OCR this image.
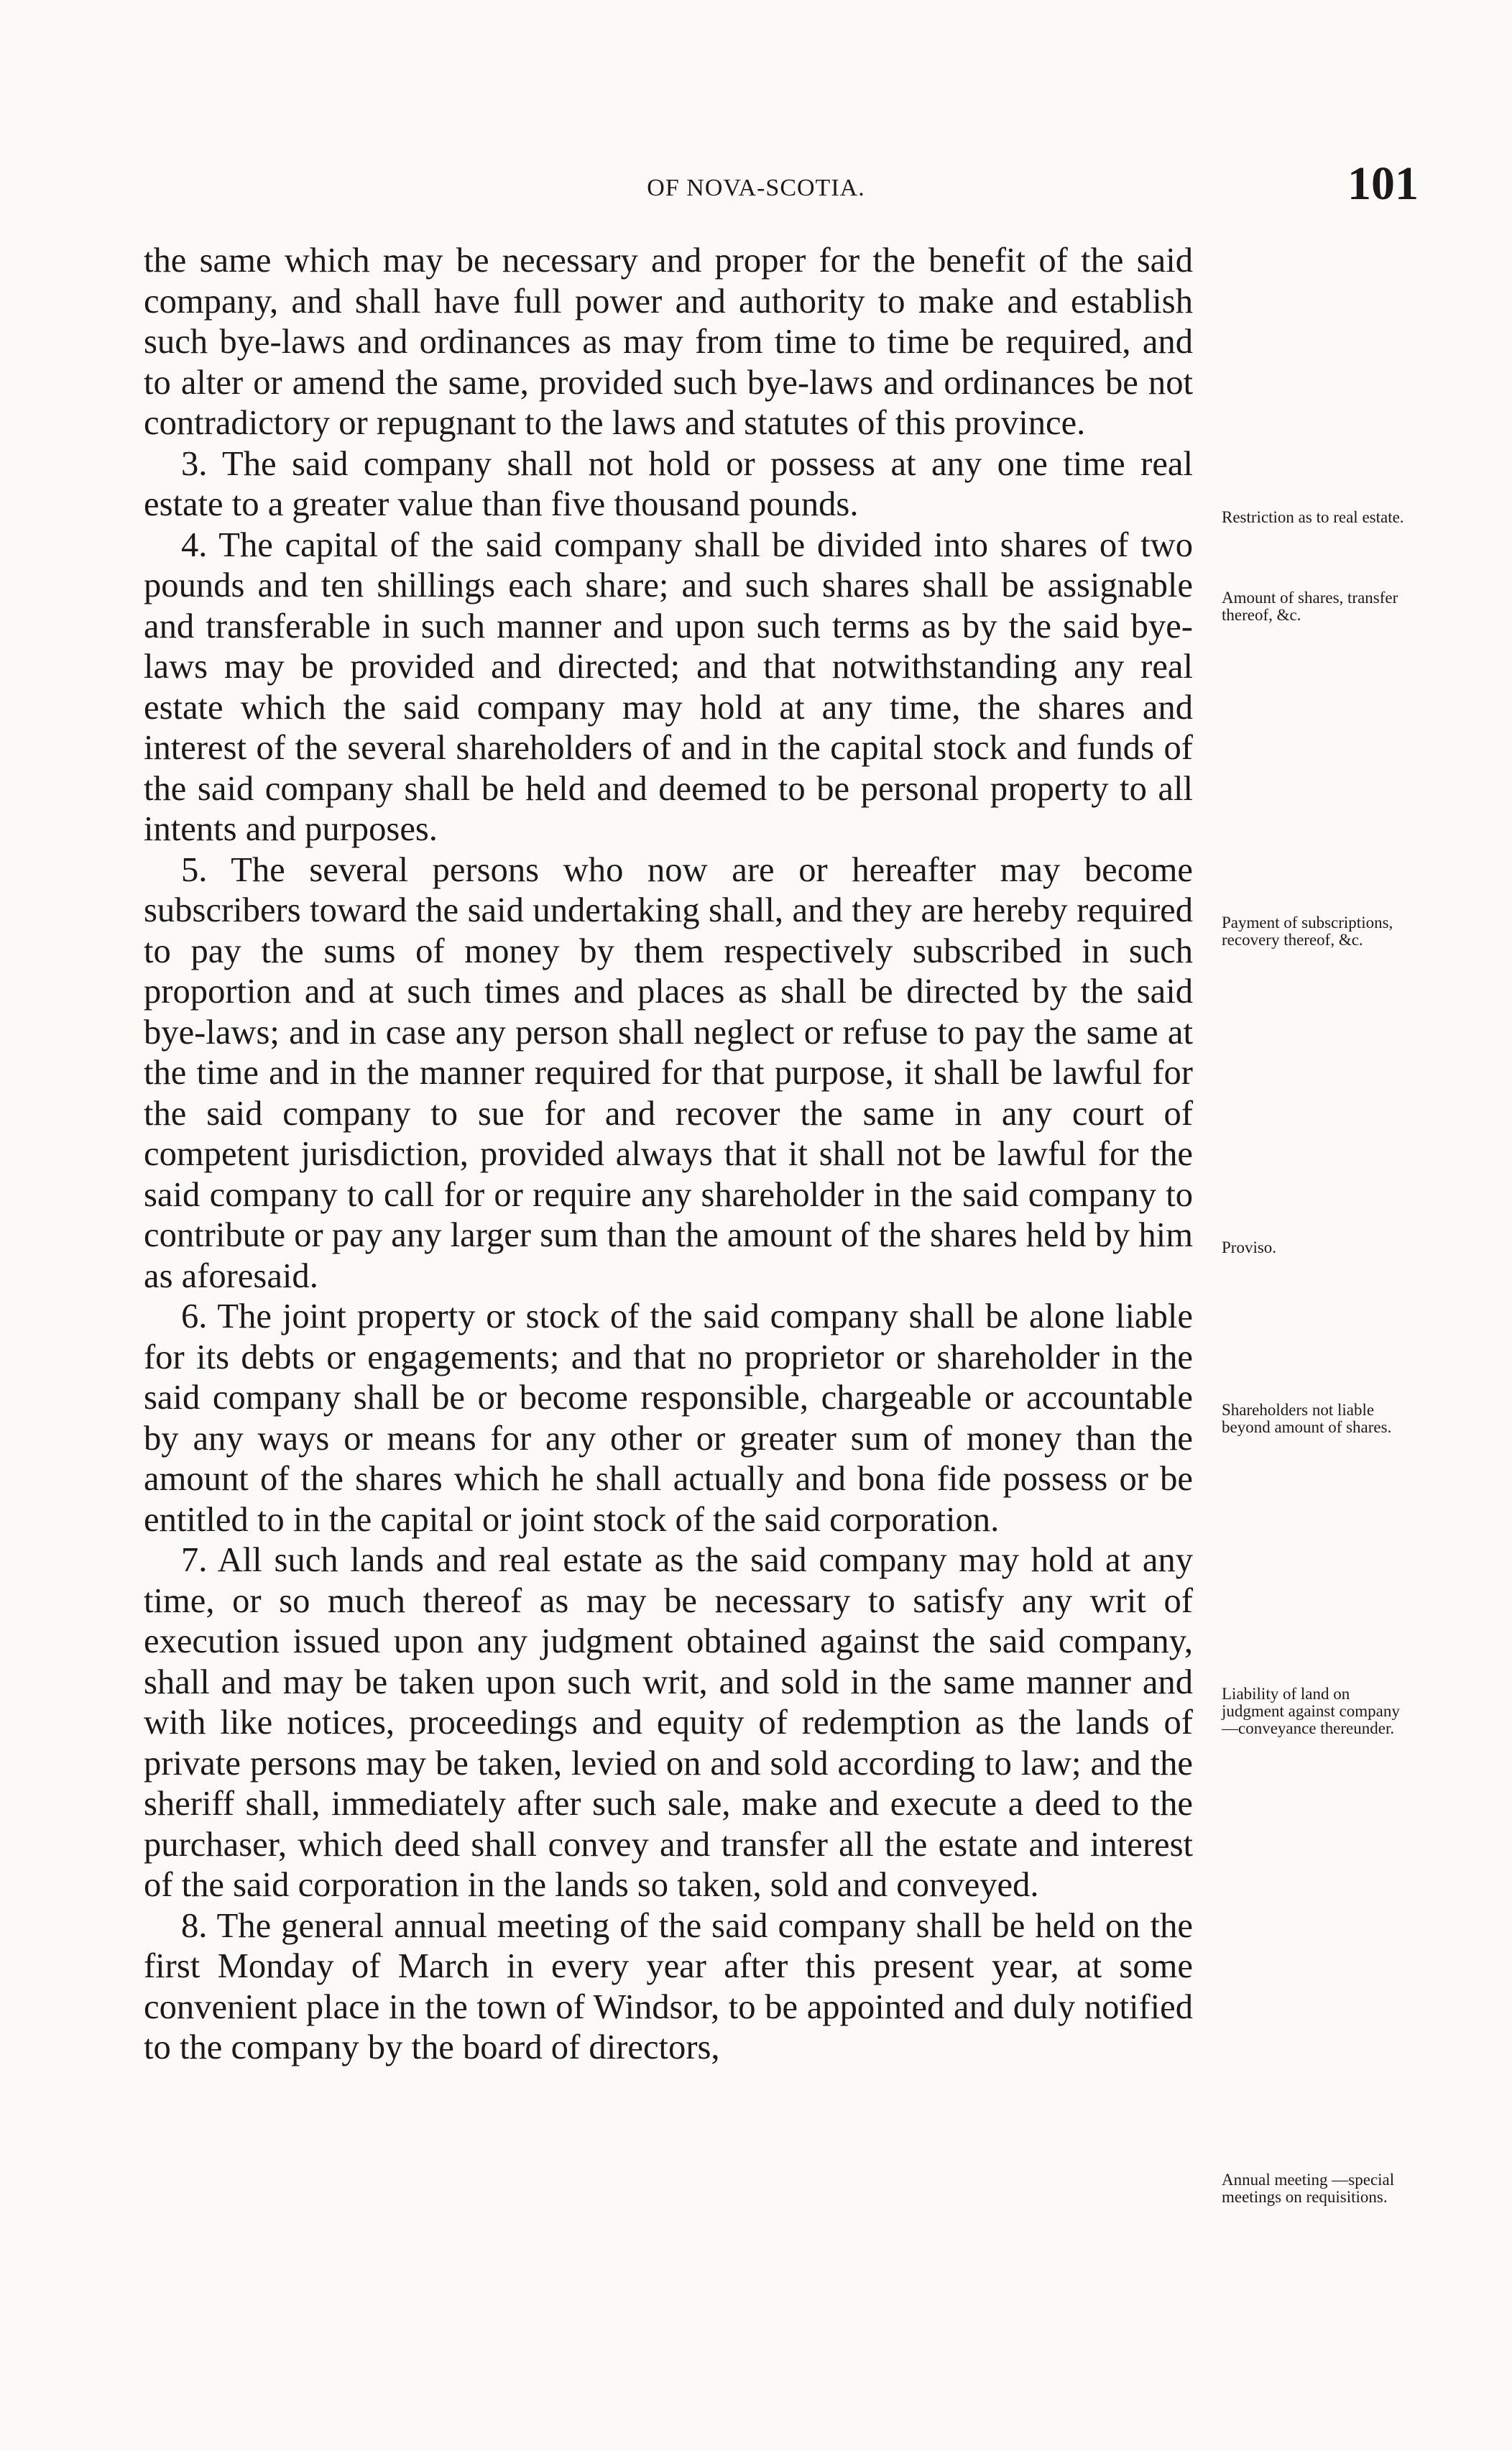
OF NOVA-SCOTIA.	101

the same which may be necessary and proper for the benefit of the said company, and shall have full power and authority to make and establish such bye-laws and ordinances as may from time to time be required, and to alter or amend the same, provided such bye-laws and ordinances be not contradictory or repugnant to the laws and statutes of this province.

3. The said company shall not hold or possess at any one time real estate to a greater value than five thousand pounds.

4. The capital of the said company shall be divided into shares of two pounds and ten shillings each share; and such shares shall be assignable and transferable in such manner and upon such terms as by the said bye-laws may be provided and directed; and that notwithstanding any real estate which the said company may hold at any time, the shares and interest of the several shareholders of and in the capital stock and funds of the said company shall be held and deemed to be personal property to all intents and purposes.

5. The several persons who now are or hereafter may become subscribers toward the said undertaking shall, and they are hereby required to pay the sums of money by them respectively subscribed in such proportion and at such times and places as shall be directed by the said bye-laws; and in case any person shall neglect or refuse to pay the same at the time and in the manner required for that purpose, it shall be lawful for the said company to sue for and recover the same in any court of competent jurisdiction, provided always that it shall not be lawful for the said company to call for or require any shareholder in the said company to contribute or pay any larger sum than the amount of the shares held by him as aforesaid.

6. The joint property or stock of the said company shall be alone liable for its debts or engagements; and that no proprietor or shareholder in the said company shall be or become responsible, chargeable or accountable by any ways or means for any other or greater sum of money than the amount of the shares which he shall actually and bona fide possess or be entitled to in the capital or joint stock of the said corporation.

7. All such lands and real estate as the said company may hold at any time, or so much thereof as may be necessary to satisfy any writ of execution issued upon any judgment obtained against the said company, shall and may be taken upon such writ, and sold in the same manner and with like notices, proceedings and equity of redemption as the lands of private persons may be taken, levied on and sold according to law; and the sheriff shall, immediately after such sale, make and execute a deed to the purchaser, which deed shall convey and transfer all the estate and interest of the said corporation in the lands so taken, sold and conveyed.

8. The general annual meeting of the said company shall be held on the first Monday of March in every year after this present year, at some convenient place in the town of Windsor, to be appointed and duly notified to the company by the board of directors,

Restriction as to real estate.
Amount of shares, transfer thereof, &c.
Payment of subscriptions, recovery thereof, &c.
Proviso.
Shareholders not liable beyond amount of shares.
Liability of land on judgment against company —conveyance thereunder.
Annual meeting —special meetings on requisitions.
